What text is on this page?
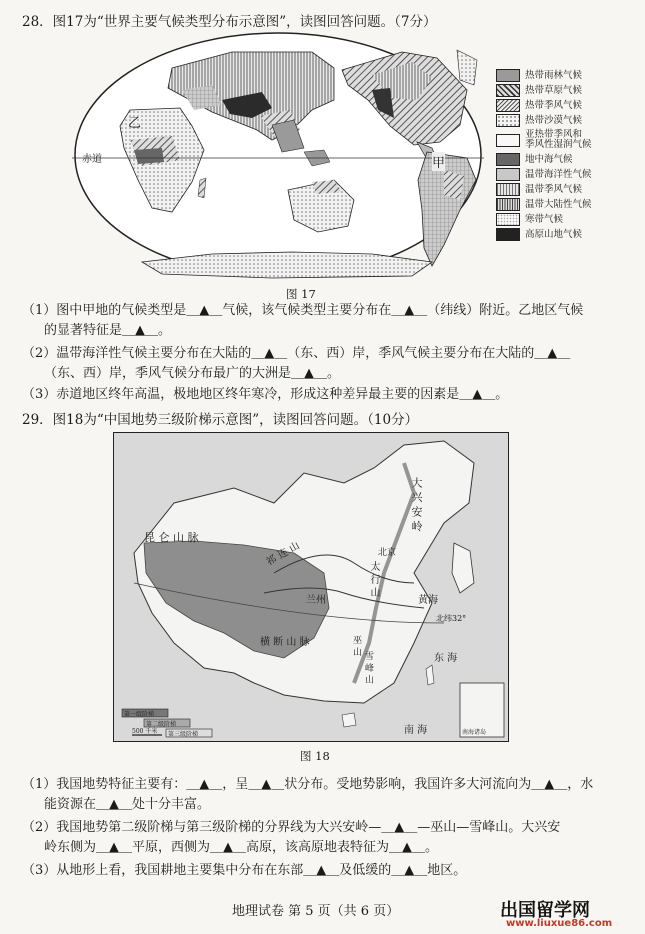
28．图17为“世界主要气候类型分布示意图”，读图回答问题。（7分）
赤道
乙
甲
热带雨林气候
热带草原气候
热带季风气候
热带沙漠气候
亚热带季风和
季风性湿润气候
地中海气候
温带海洋性气候
温带季风气候
温带大陆性气候
寒带气候
高原山地气候
图 17
（1）图中甲地的气候类型是＿▲＿气候，该气候类型主要分布在＿▲＿（纬线）附近。乙地区气候
的显著特征是＿▲＿。
（2）温带海洋性气候主要分布在大陆的＿▲＿（东、西）岸，季风气候主要分布在大陆的＿▲＿
（东、西）岸，季风气候分布最广的大洲是＿▲＿。
（3）赤道地区终年高温，极地地区终年寒冷，形成这种差异最主要的因素是＿▲＿。
29．图18为“中国地势三级阶梯示意图”，读图回答问题。（10分）
昆 仑 山 脉
祁 连 山
大 兴 安 岭
太 行 山
北京
兰州
横 断 山 脉	巫 山
雪 峰 山
黄海
东 海
南 海
北纬32°
第一级阶梯
第二级阶梯
第三级阶梯
500 千米	南海诸岛
图 18
（1）我国地势特征主要有：＿▲＿，呈＿▲＿状分布。受地势影响，我国许多大河流向为＿▲＿，水
能资源在＿▲＿处十分丰富。
（2）我国地势第二级阶梯与第三级阶梯的分界线为大兴安岭—＿▲＿—巫山—雪峰山。大兴安
岭东侧为＿▲＿平原，西侧为＿▲＿高原，该高原地表特征为＿▲＿。
（3）从地形上看，我国耕地主要集中分布在东部＿▲＿及低缓的＿▲＿地区。
地理试卷 第 5 页（共 6 页）	出国留学网
www.liuxue86.com
